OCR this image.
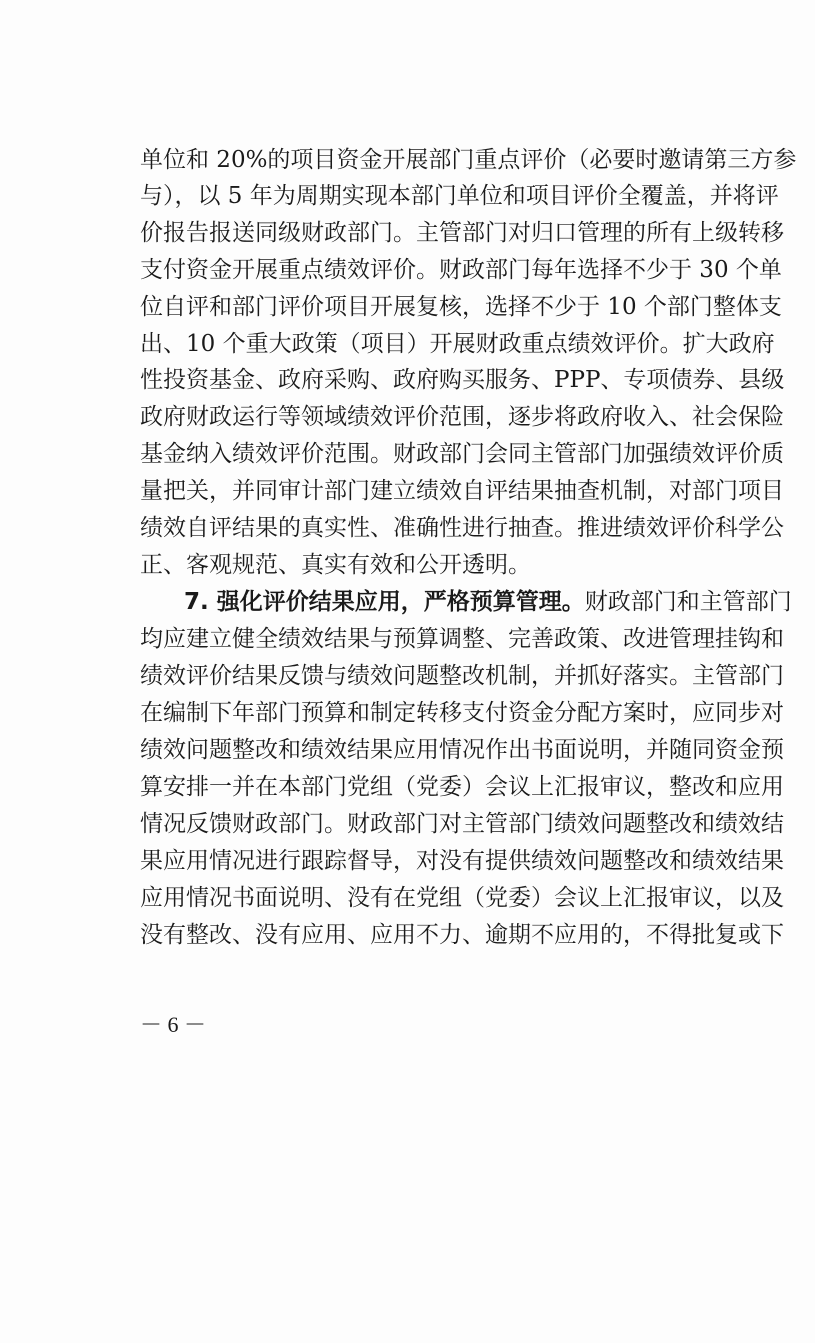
单位和 20%的项目资金开展部门重点评价（必要时邀请第三方参
与），以 5 年为周期实现本部门单位和项目评价全覆盖，并将评
价报告报送同级财政部门。主管部门对归口管理的所有上级转移
支付资金开展重点绩效评价。财政部门每年选择不少于 30 个单
位自评和部门评价项目开展复核，选择不少于 10 个部门整体支
出、10 个重大政策（项目）开展财政重点绩效评价。扩大政府
性投资基金、政府采购、政府购买服务、PPP、专项债券、县级
政府财政运行等领域绩效评价范围，逐步将政府收入、社会保险
基金纳入绩效评价范围。财政部门会同主管部门加强绩效评价质
量把关，并同审计部门建立绩效自评结果抽查机制，对部门项目
绩效自评结果的真实性、准确性进行抽查。推进绩效评价科学公
正、客观规范、真实有效和公开透明。
7. 强化评价结果应用，严格预算管理。财政部门和主管部门
均应建立健全绩效结果与预算调整、完善政策、改进管理挂钩和
绩效评价结果反馈与绩效问题整改机制，并抓好落实。主管部门
在编制下年部门预算和制定转移支付资金分配方案时，应同步对
绩效问题整改和绩效结果应用情况作出书面说明，并随同资金预
算安排一并在本部门党组（党委）会议上汇报审议，整改和应用
情况反馈财政部门。财政部门对主管部门绩效问题整改和绩效结
果应用情况进行跟踪督导，对没有提供绩效问题整改和绩效结果
应用情况书面说明、没有在党组（党委）会议上汇报审议，以及
没有整改、没有应用、应用不力、逾期不应用的，不得批复或下
－ 6 －
